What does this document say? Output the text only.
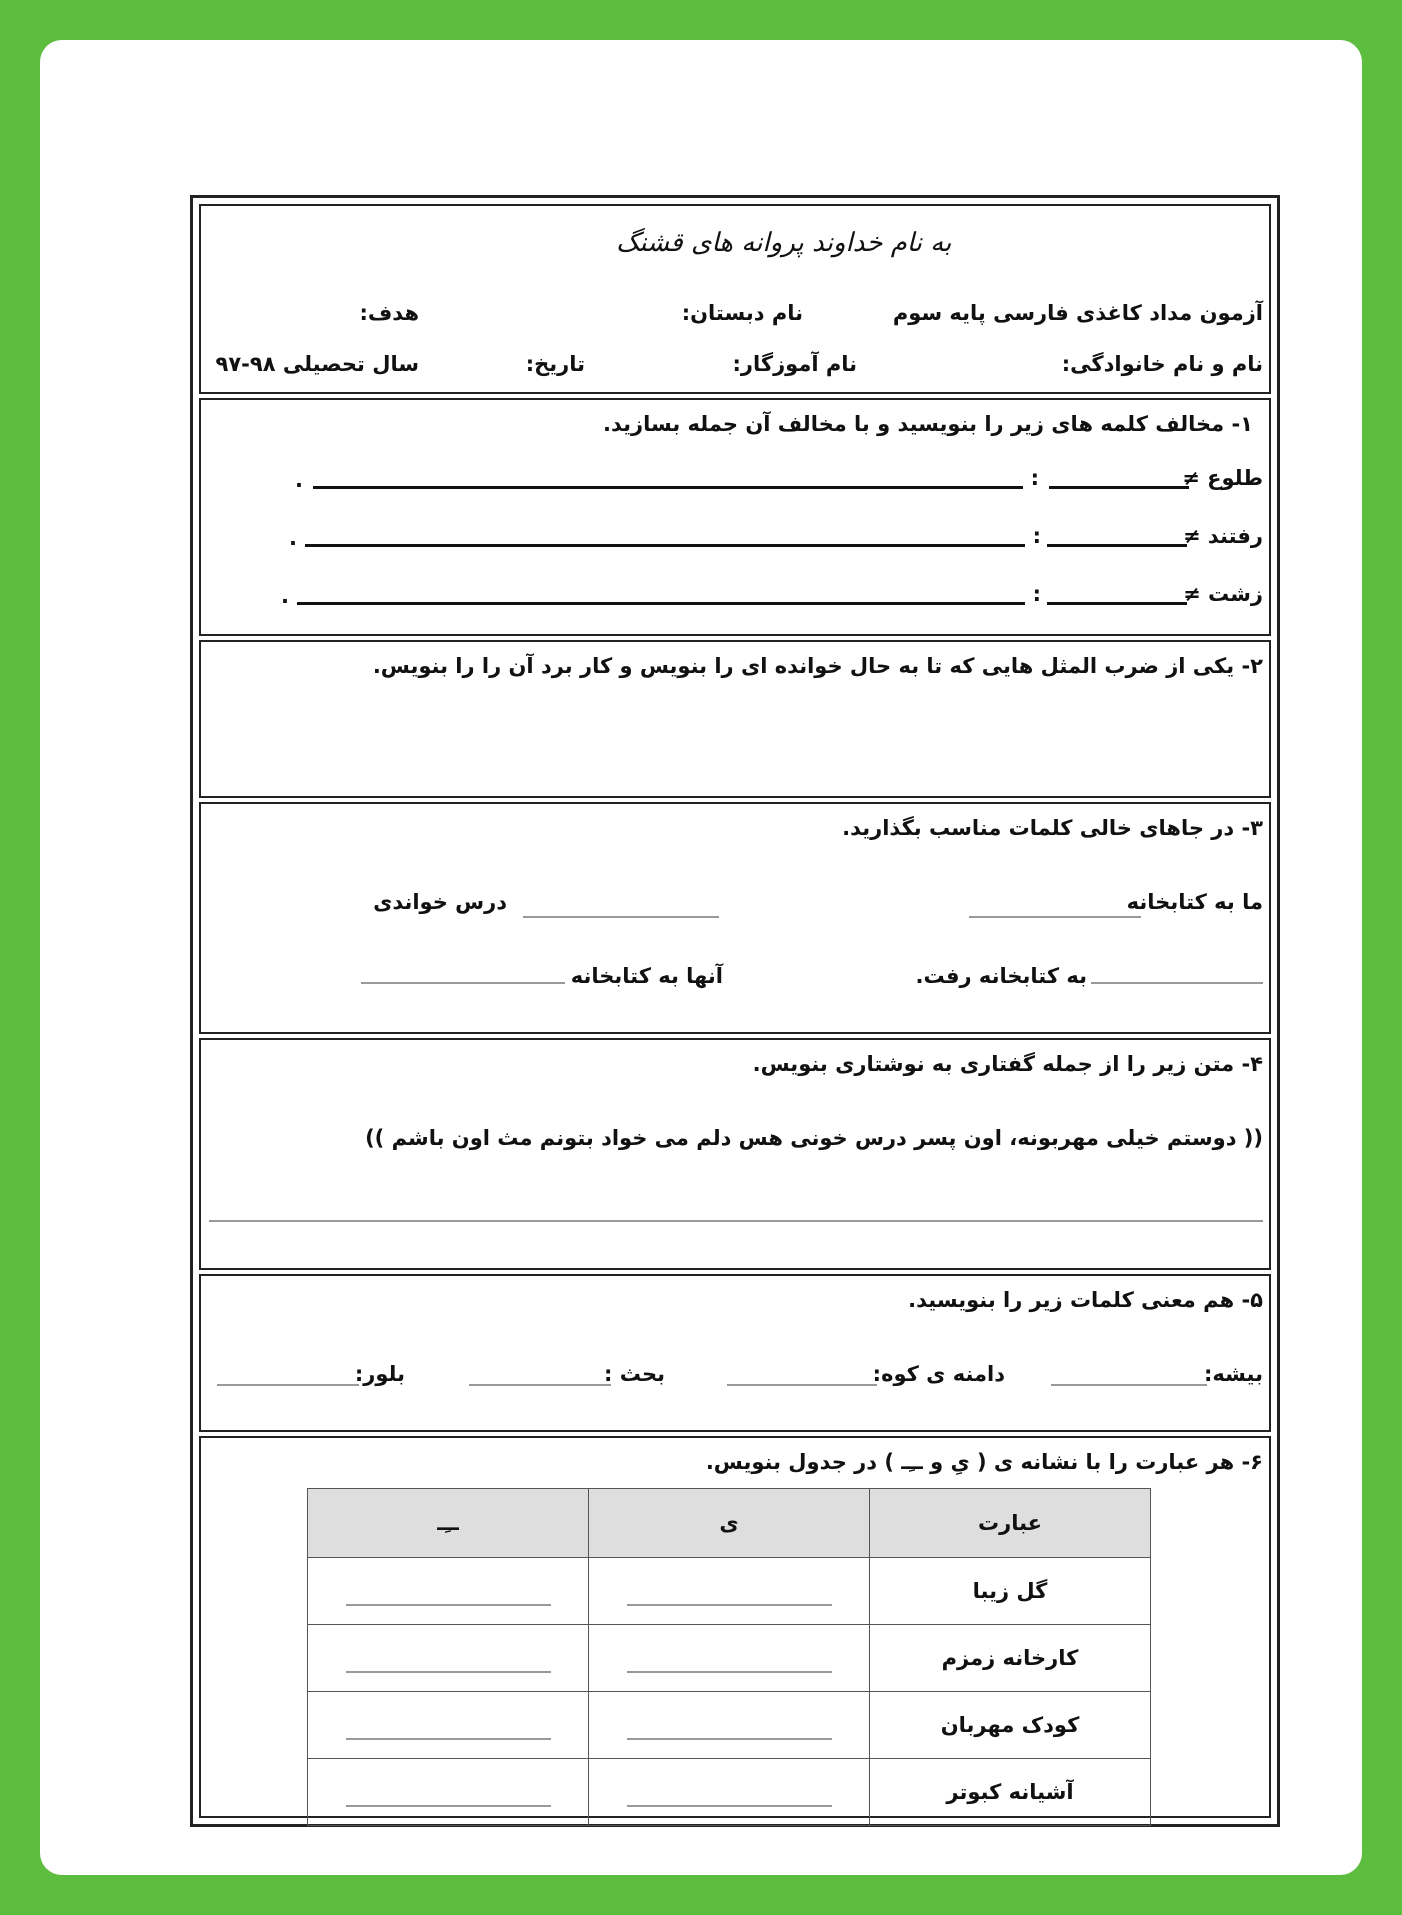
به نام خداوند پروانه های قشنگ
آزمون مداد کاغذی فارسی پایه سوم
نام دبستان:
هدف:
نام و نام خانوادگی:
نام آموزگار:
تاریخ:
سال تحصیلی ۹۸-۹۷
۱- مخالف کلمه های زیر را بنویسید و با مخالف آن جمله بسازید.
طلوع ≠
:
.
رفتند ≠
:
.
زشت ≠
:
.
۲- یکی از ضرب المثل هایی که تا به حال خوانده ای را بنویس و کار برد آن را را بنویس.
۳- در جاهای خالی کلمات مناسب بگذارید.
ما به کتابخانه
درس خواندی
به کتابخانه رفت.
آنها به کتابخانه
۴- متن زیر را از جمله گفتاری به نوشتاری بنویس.
(( دوستم خیلی مهربونه، اون پسر درس خونی هس دلم می خواد بتونم مث اون باشم ))
۵- هم معنی کلمات زیر را بنویسید.
بیشه:
دامنه ی کوه:
بحث :
بلور:
۶- هر عبارت را با نشانه ی ( یِ و ــِـ ) در جدول بنویس.
عبارت	ی	ــِـ
گل زیبا	

کارخانه زمزم	

کودک مهربان	

آشیانه کبوتر	
